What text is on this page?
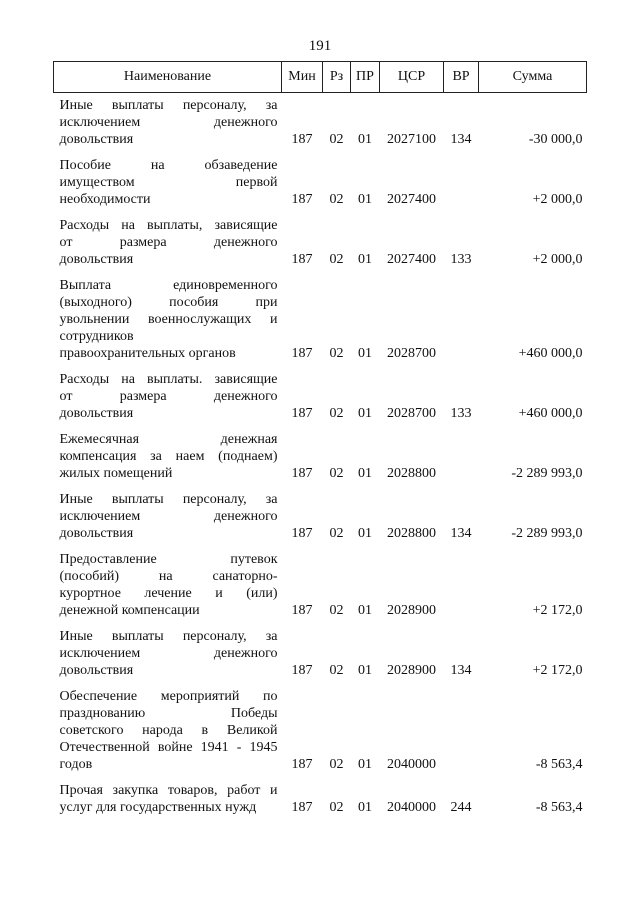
191
Наименование	Мин	Рз	ПР	ЦСР	ВР	Сумма

Иные выплаты персоналу, за
исключением денежного
довольствия	187	02	01	2027100	134	-30 000,0

Пособие на обзаведение
имуществом первой
необходимости	187	02	01	2027400		+2 000,0

Расходы на выплаты, зависящие
от размера денежного
довольствия	187	02	01	2027400	133	+2 000,0

Выплата единовременного
(выходного) пособия при
увольнении военнослужащих и
сотрудников
правоохранительных органов	187	02	01	2028700		+460 000,0

Расходы на выплаты. зависящие
от размера денежного
довольствия	187	02	01	2028700	133	+460 000,0

Ежемесячная денежная
компенсация за наем (поднаем)
жилых помещений	187	02	01	2028800		-2 289 993,0

Иные выплаты персоналу, за
исключением денежного
довольствия	187	02	01	2028800	134	-2 289 993,0

Предоставление путевок
(пособий) на санаторно-
курортное лечение и (или)
денежной компенсации	187	02	01	2028900		+2 172,0

Иные выплаты персоналу, за
исключением денежного
довольствия	187	02	01	2028900	134	+2 172,0

Обеспечение мероприятий по
празднованию Победы
советского народа в Великой
Отечественной войне 1941 - 1945
годов	187	02	01	2040000		-8 563,4

Прочая закупка товаров, работ и
услуг для государственных нужд	187	02	01	2040000	244	-8 563,4
